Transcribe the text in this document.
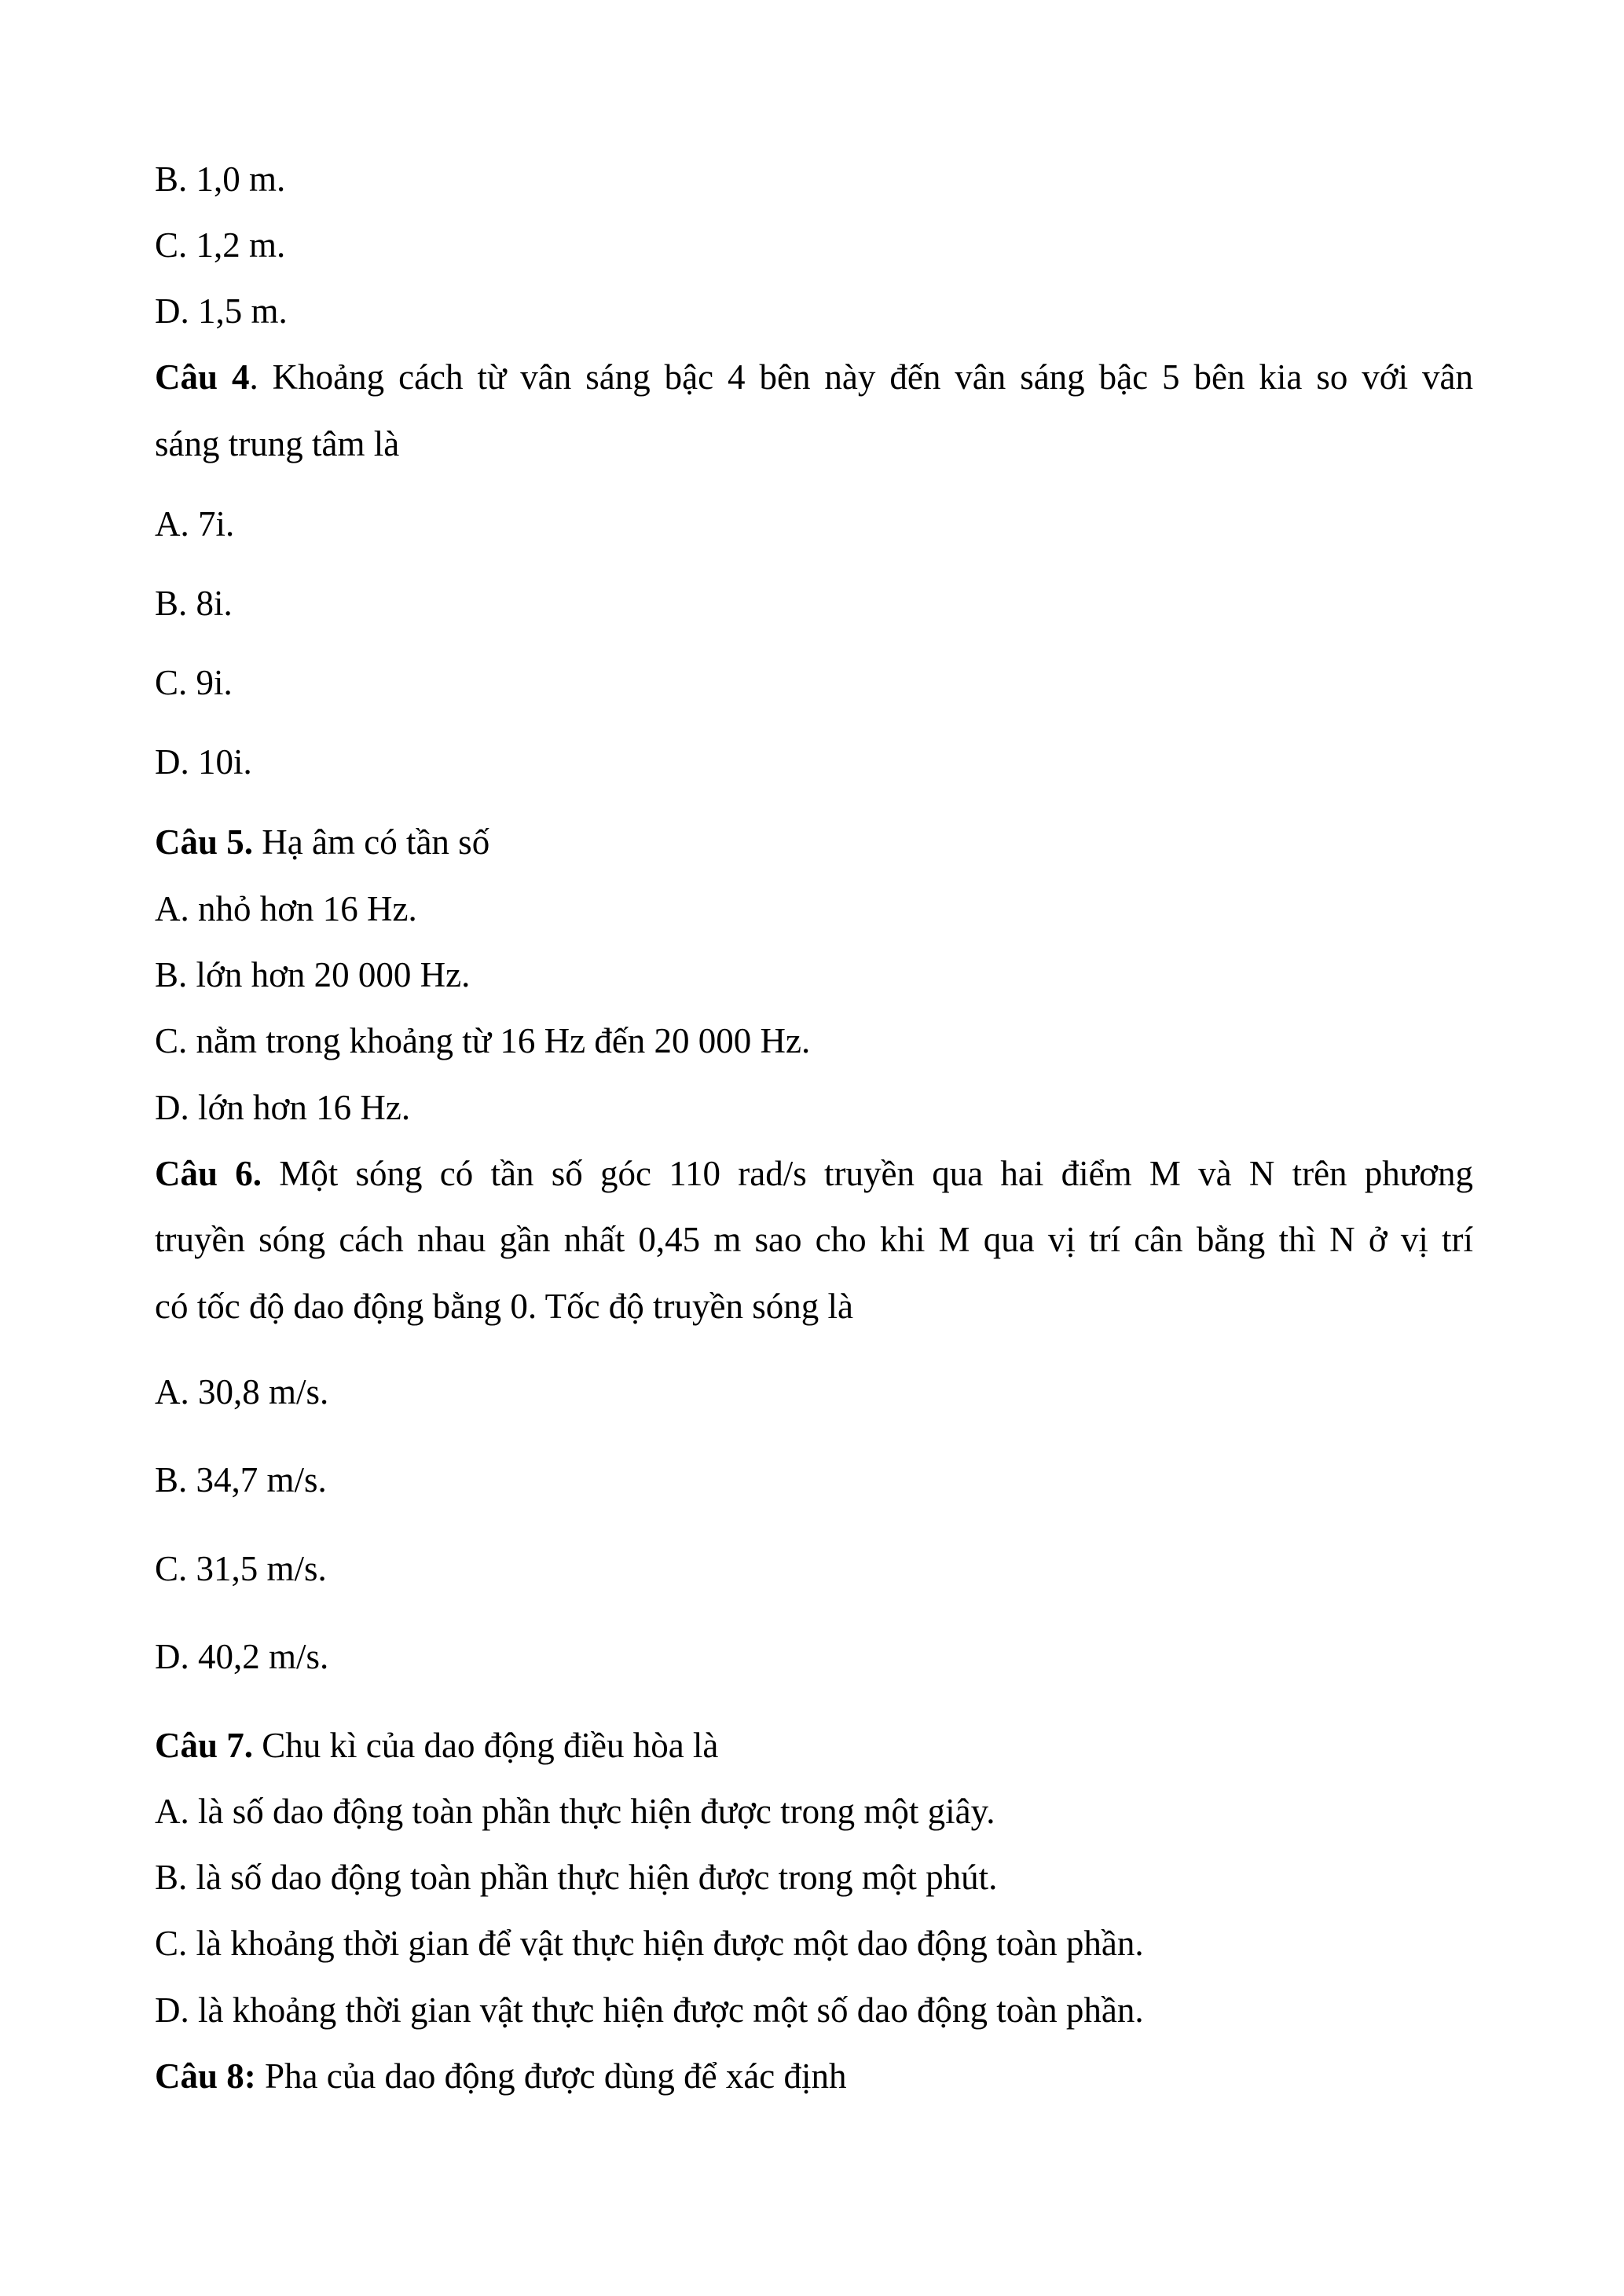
B. 1,0 m.
C. 1,2 m.
D. 1,5 m.
Câu 4. Khoảng cách từ vân sáng bậc 4 bên này đến vân sáng bậc 5 bên kia so với vân
sáng trung tâm là
A. 7i.
B. 8i.
C. 9i.
D. 10i.
Câu 5. Hạ âm có tần số
A. nhỏ hơn 16 Hz.
B. lớn hơn 20 000 Hz.
C. nằm trong khoảng từ 16 Hz đến 20 000 Hz.
D. lớn hơn 16 Hz.
Câu 6. Một sóng có tần số góc 110 rad/s truyền qua hai điểm M và N trên phương
truyền sóng cách nhau gần nhất 0,45 m sao cho khi M qua vị trí cân bằng thì N ở vị trí
có tốc độ dao động bằng 0. Tốc độ truyền sóng là
A. 30,8 m/s.
B. 34,7 m/s.
C. 31,5 m/s.
D. 40,2 m/s.
Câu 7. Chu kì của dao động điều hòa là
A. là số dao động toàn phần thực hiện được trong một giây.
B. là số dao động toàn phần thực hiện được trong một phút.
C. là khoảng thời gian để vật thực hiện được một dao động toàn phần.
D. là khoảng thời gian vật thực hiện được một số dao động toàn phần.
Câu 8: Pha của dao động được dùng để xác định
